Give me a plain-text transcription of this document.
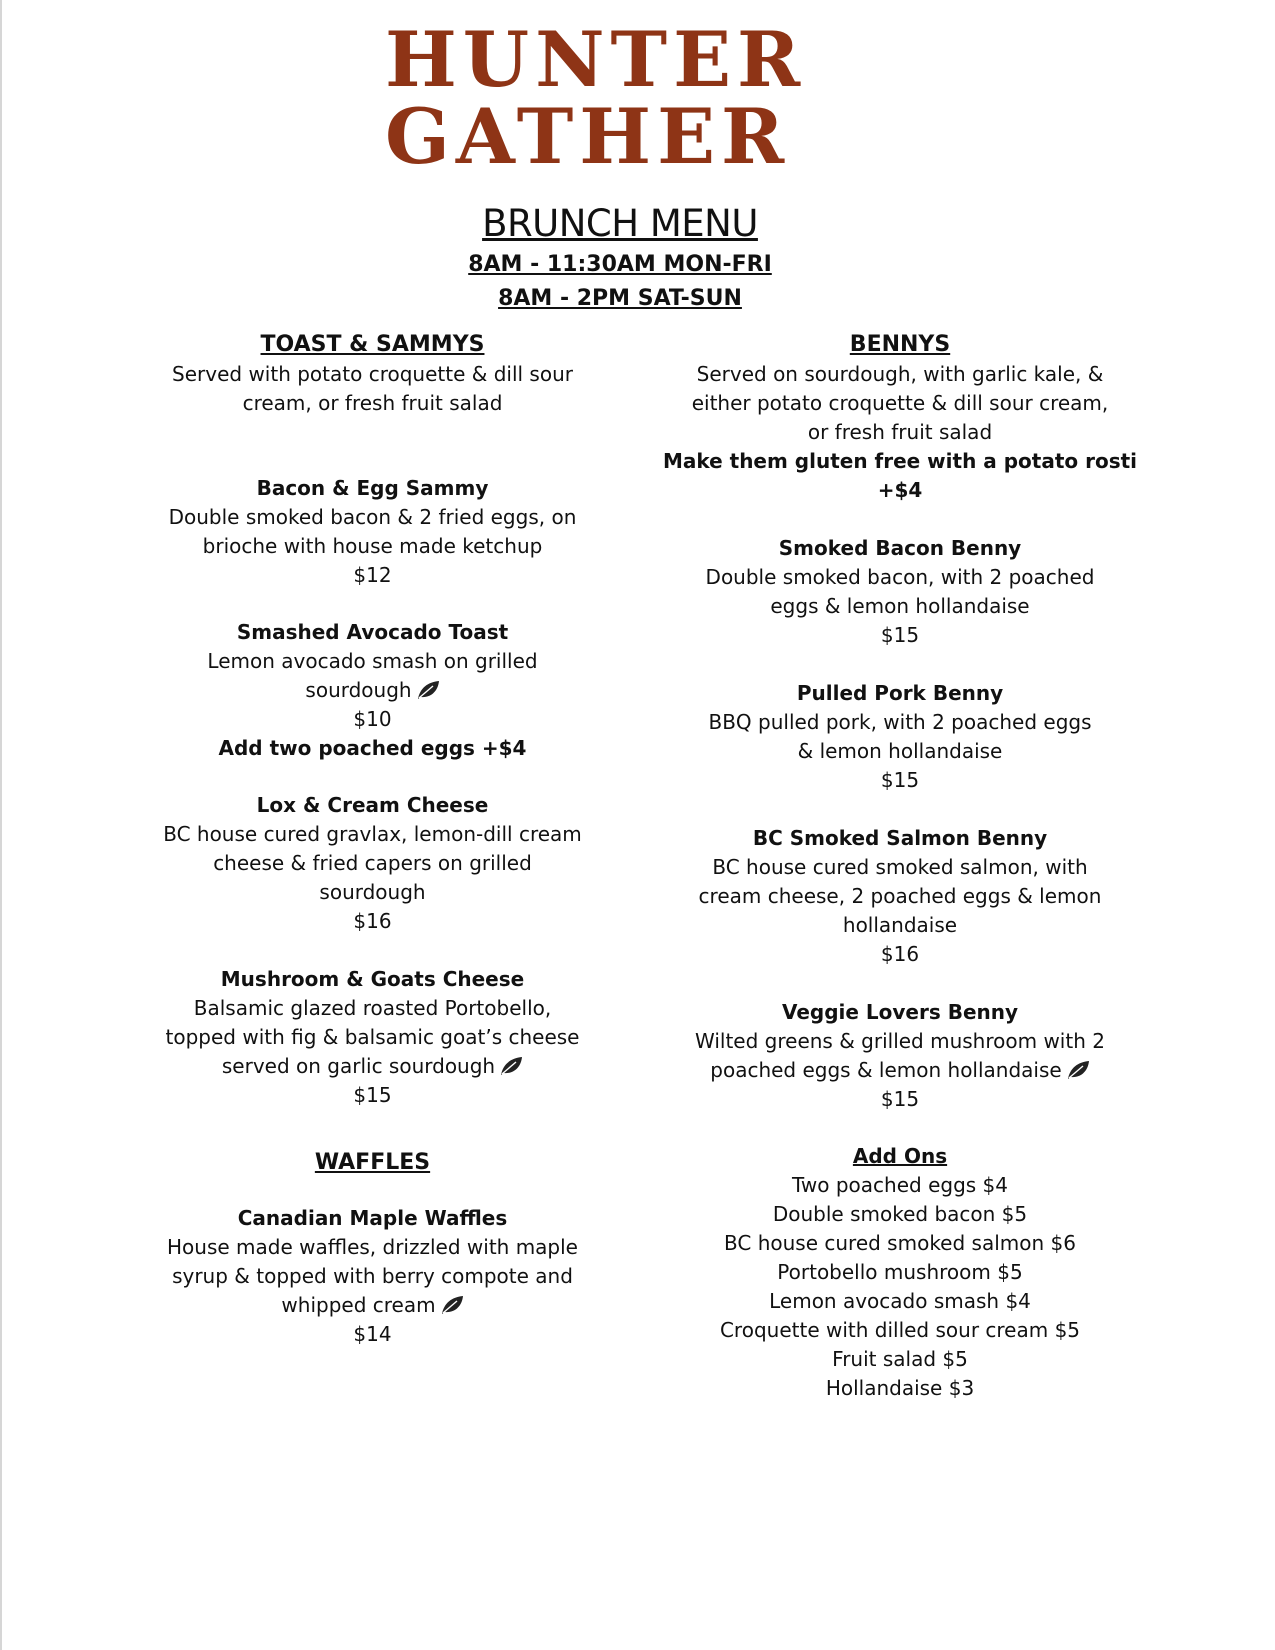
HUNTER
GATHER
BRUNCH MENU
8AM - 11:30AM MON-FRI
8AM - 2PM SAT-SUN
TOAST & SAMMYS
Served with potato croquette & dill sour
cream, or fresh fruit salad
Bacon & Egg Sammy
Double smoked bacon & 2 fried eggs, on
brioche with house made ketchup
$12
Smashed Avocado Toast
Lemon avocado smash on grilled
sourdough
$10
Add two poached eggs +$4
Lox & Cream Cheese
BC house cured gravlax, lemon-dill cream
cheese & fried capers on grilled
sourdough
$16
Mushroom & Goats Cheese
Balsamic glazed roasted Portobello,
topped with fig & balsamic goat’s cheese
served on garlic sourdough
$15
WAFFLES
Canadian Maple Waffles
House made waffles, drizzled with maple
syrup & topped with berry compote and
whipped cream
$14
BENNYS
Served on sourdough, with garlic kale, &
either potato croquette & dill sour cream,
or fresh fruit salad
Make them gluten free with a potato rosti
+$4
Smoked Bacon Benny
Double smoked bacon, with 2 poached
eggs & lemon hollandaise
$15
Pulled Pork Benny
BBQ pulled pork, with 2 poached eggs
& lemon hollandaise
$15
BC Smoked Salmon Benny
BC house cured smoked salmon, with
cream cheese, 2 poached eggs & lemon
hollandaise
$16
Veggie Lovers Benny
Wilted greens & grilled mushroom with 2
poached eggs & lemon hollandaise
$15
Add Ons
Two poached eggs $4
Double smoked bacon $5
BC house cured smoked salmon $6
Portobello mushroom $5
Lemon avocado smash $4
Croquette with dilled sour cream $5
Fruit salad $5
Hollandaise $3
